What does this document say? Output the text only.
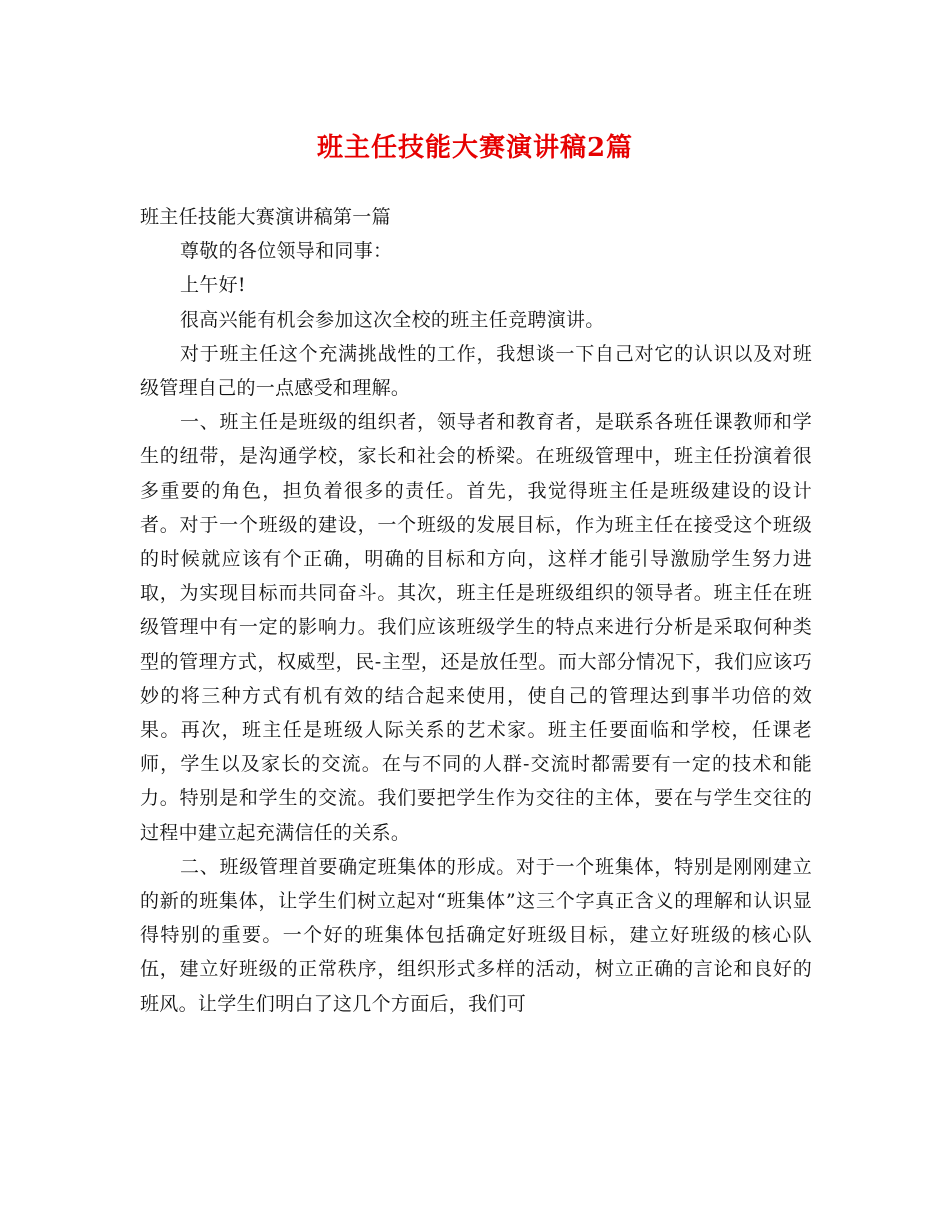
班主任技能大赛演讲稿2篇

班主任技能大赛演讲稿第一篇

尊敬的各位领导和同事：

上午好!

很高兴能有机会参加这次全校的班主任竞聘演讲。

对于班主任这个充满挑战性的工作，我想谈一下自己对它的认识以及对班级管理自己的一点感受和理解。

一、班主任是班级的组织者，领导者和教育者，是联系各班任课教师和学生的纽带，是沟通学校，家长和社会的桥梁。在班级管理中，班主任扮演着很多重要的角色，担负着很多的责任。首先，我觉得班主任是班级建设的设计者。对于一个班级的建设，一个班级的发展目标，作为班主任在接受这个班级的时候就应该有个正确，明确的目标和方向，这样才能引导激励学生努力进取，为实现目标而共同奋斗。其次，班主任是班级组织的领导者。班主任在班级管理中有一定的影响力。我们应该班级学生的特点来进行分析是采取何种类型的管理方式，权威型，民-主型，还是放任型。而大部分情况下，我们应该巧妙的将三种方式有机有效的结合起来使用，使自己的管理达到事半功倍的效果。再次，班主任是班级人际关系的艺术家。班主任要面临和学校，任课老师，学生以及家长的交流。在与不同的人群-交流时都需要有一定的技术和能力。特别是和学生的交流。我们要把学生作为交往的主体，要在与学生交往的过程中建立起充满信任的关系。

二、班级管理首要确定班集体的形成。对于一个班集体，特别是刚刚建立的新的班集体，让学生们树立起对“班集体”这三个字真正含义的理解和认识显得特别的重要。一个好的班集体包括确定好班级目标，建立好班级的核心队伍，建立好班级的正常秩序，组织形式多样的活动，树立正确的言论和良好的班风。让学生们明白了这几个方面后，我们可
